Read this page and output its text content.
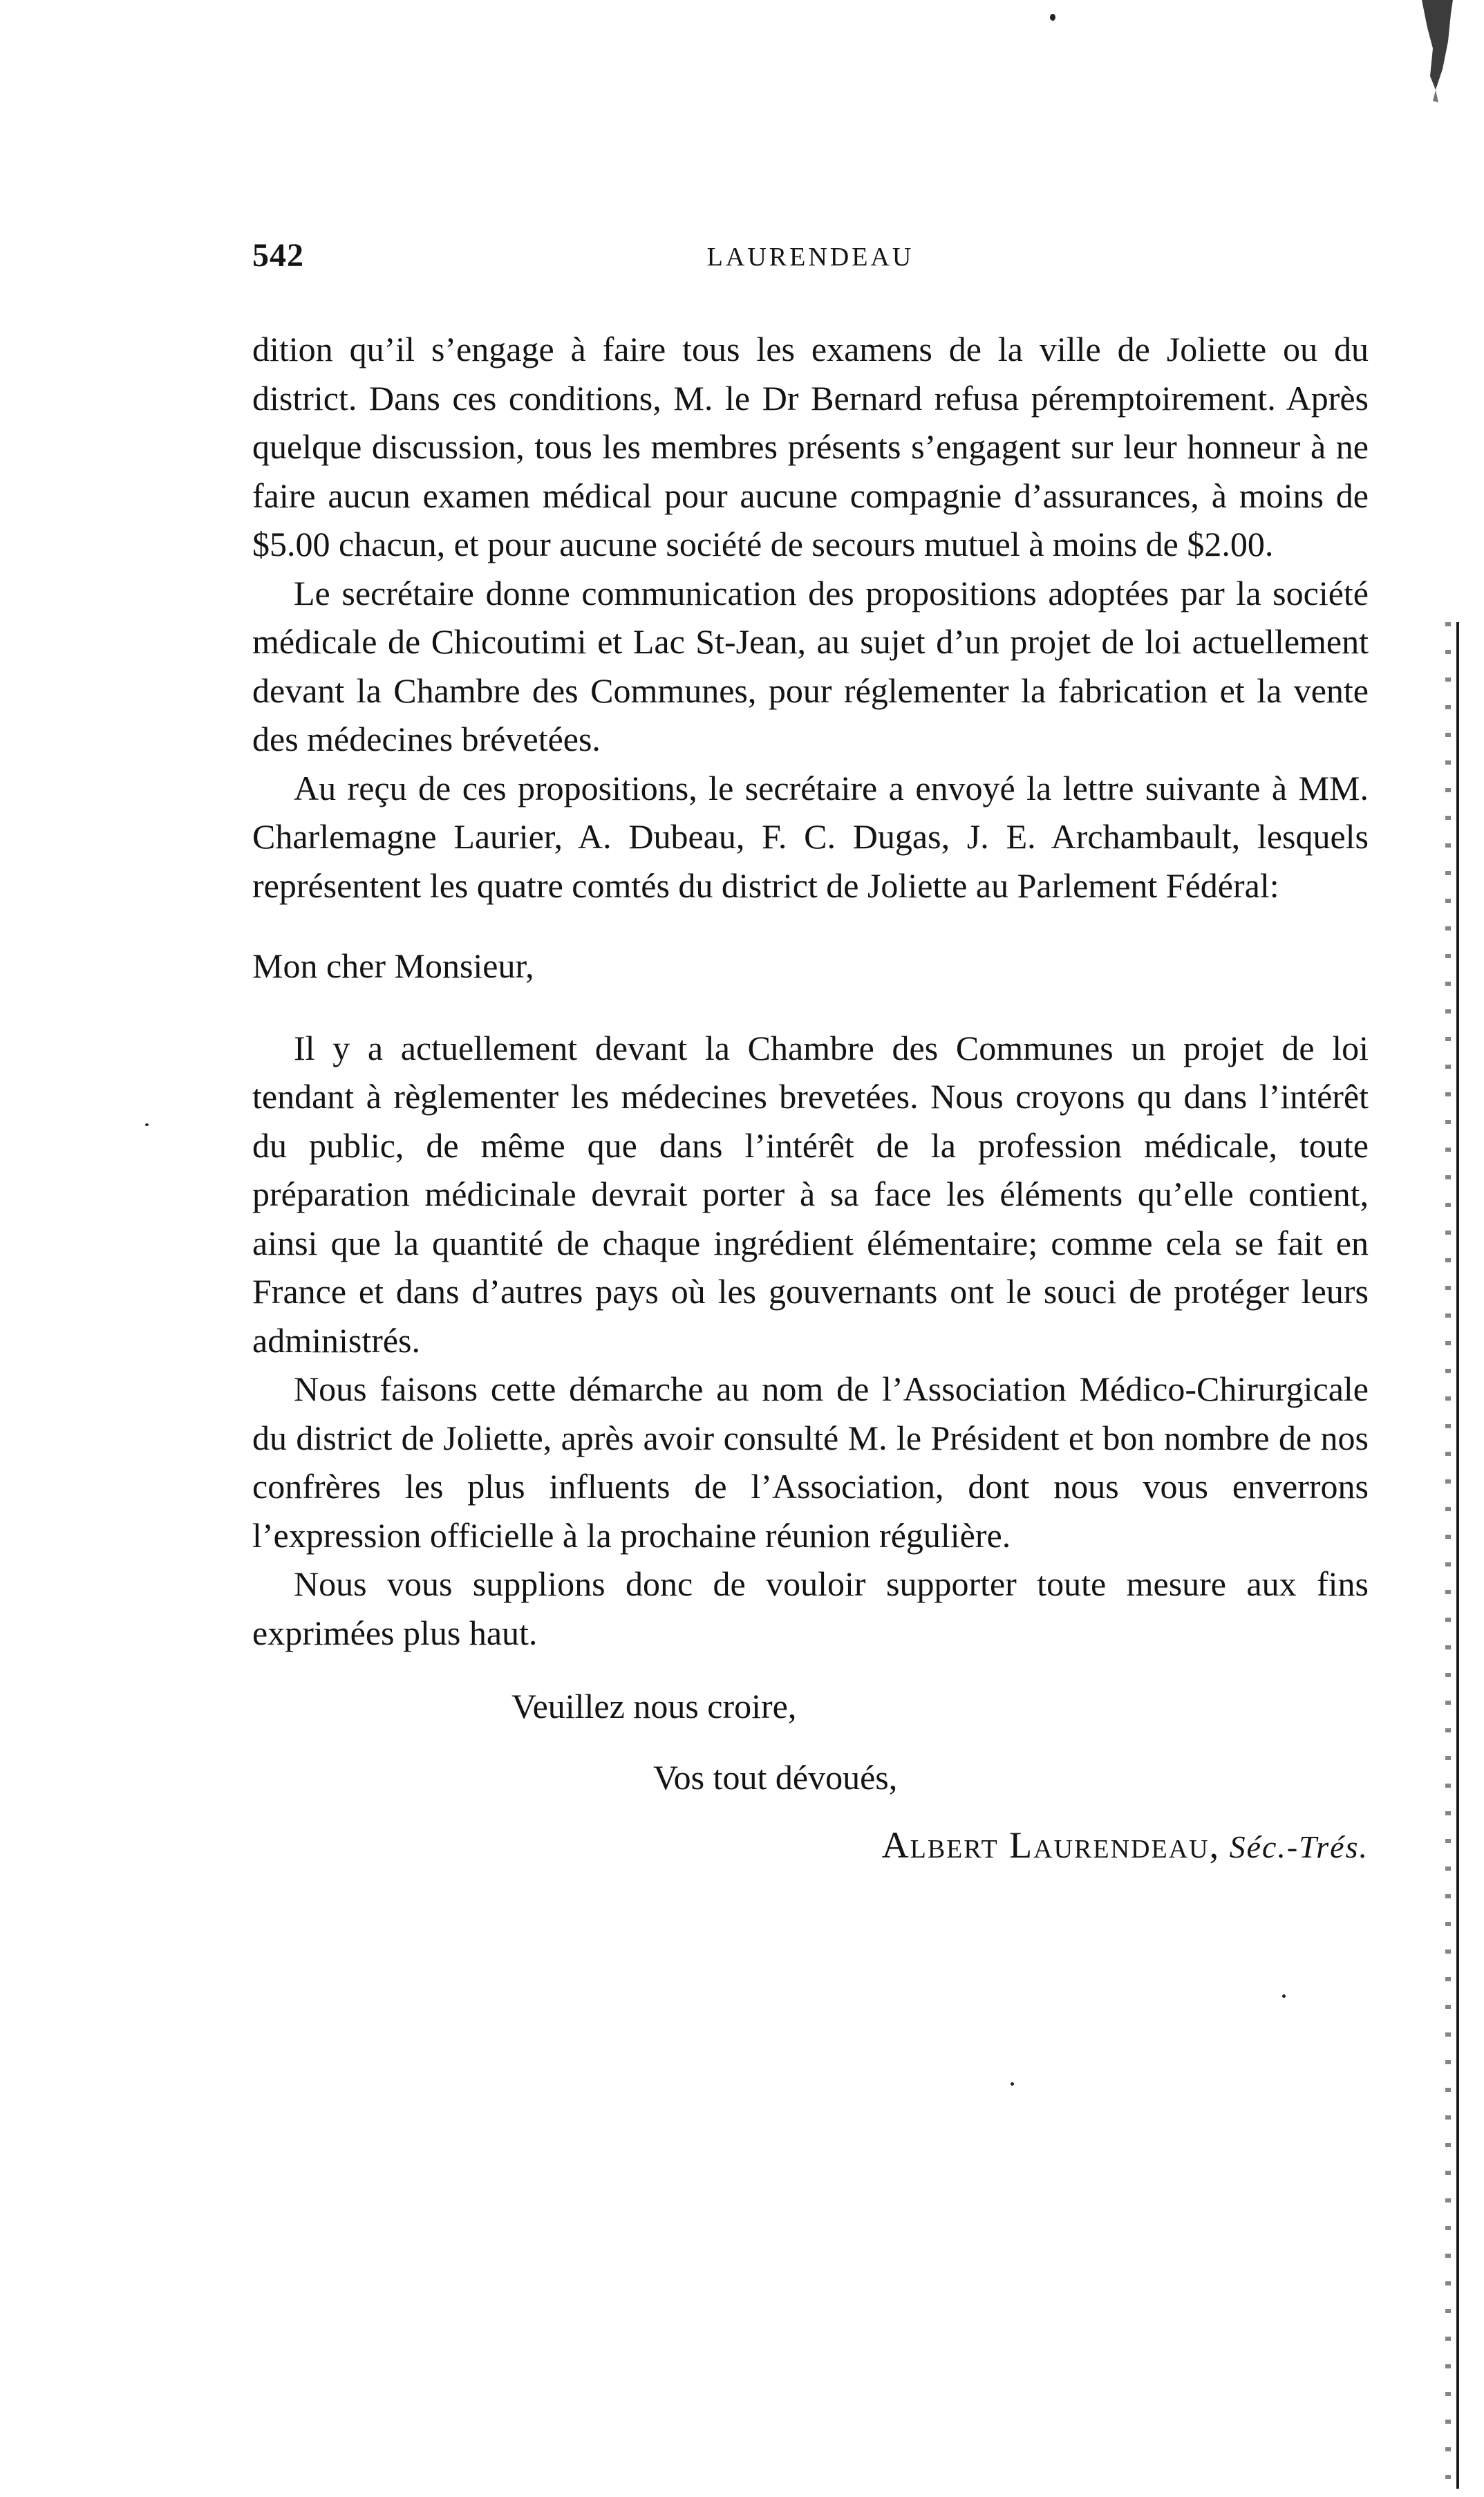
542	LAURENDEAU

dition qu’il s’engage à faire tous les examens de la ville de Joliette ou du district. Dans ces conditions, M. le Dr Bernard refusa péremptoirement. Après quelque discussion, tous les membres présents s’engagent sur leur honneur à ne faire aucun examen médical pour aucune compagnie d’assurances, à moins de $5.00 chacun, et pour aucune société de secours mutuel à moins de $2.00.

Le secrétaire donne communication des propositions adoptées par la société médicale de Chicoutimi et Lac St-Jean, au sujet d’un projet de loi actuellement devant la Chambre des Communes, pour réglementer la fabrication et la vente des médecines brévetées.

Au reçu de ces propositions, le secrétaire a envoyé la lettre suivante à MM. Charlemagne Laurier, A. Dubeau, F. C. Dugas, J. E. Archambault, lesquels représentent les quatre comtés du district de Joliette au Parlement Fédéral:

Mon cher Monsieur,

Il y a actuellement devant la Chambre des Communes un projet de loi tendant à règlementer les médecines brevetées. Nous croyons qu dans l’intérêt du public, de même que dans l’intérêt de la profession médicale, toute préparation médicinale devrait porter à sa face les éléments qu’elle contient, ainsi que la quantité de chaque ingrédient élémentaire; comme cela se fait en France et dans d’autres pays où les gouvernants ont le souci de protéger leurs administrés.

Nous faisons cette démarche au nom de l’Association Médico-Chirurgicale du district de Joliette, après avoir consulté M. le Président et bon nombre de nos confrères les plus influents de l’Association, dont nous vous enverrons l’expression officielle à la prochaine réunion régulière.

Nous vous supplions donc de vouloir supporter toute mesure aux fins exprimées plus haut.

Veuillez nous croire,

Vos tout dévoués,

Albert Laurendeau, Séc.-Trés.
